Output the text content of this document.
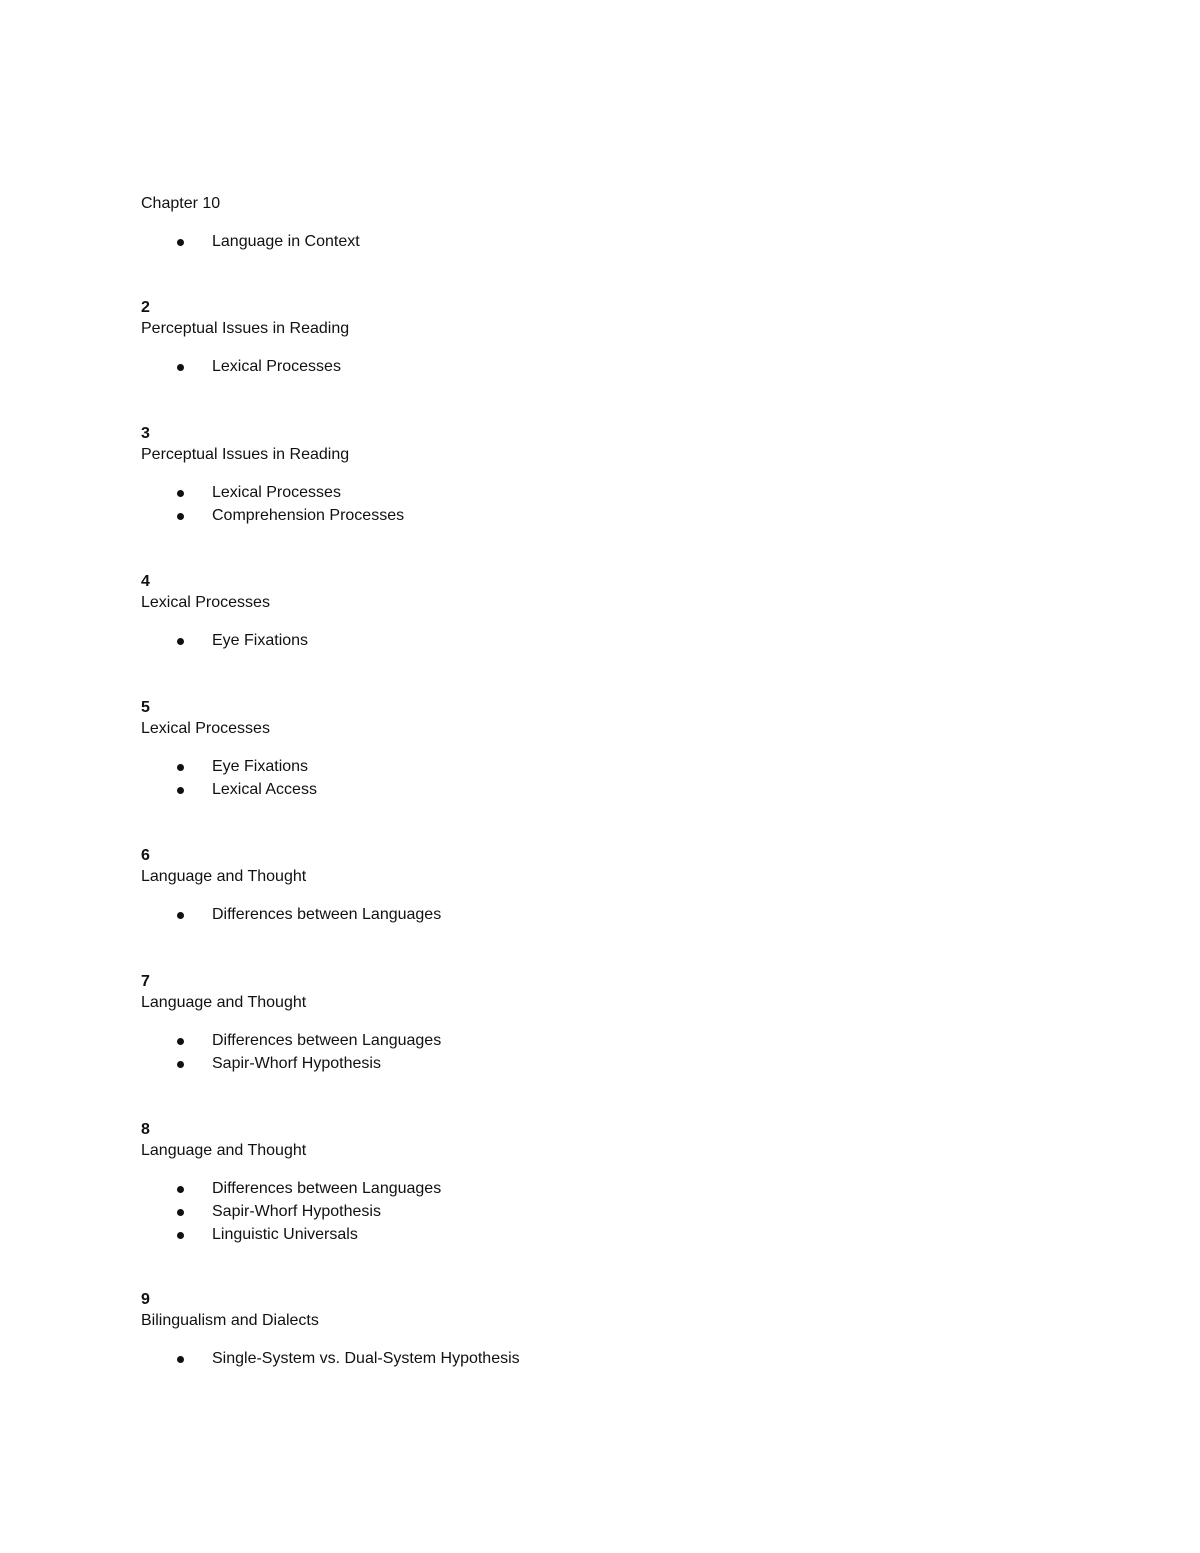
Chapter 10
Language in Context
2
Perceptual Issues in Reading
Lexical Processes
3
Perceptual Issues in Reading
Lexical Processes
Comprehension Processes
4
Lexical Processes
Eye Fixations
5
Lexical Processes
Eye Fixations
Lexical Access
6
Language and Thought
Differences between Languages
7
Language and Thought
Differences between Languages
Sapir-Whorf Hypothesis
8
Language and Thought
Differences between Languages
Sapir-Whorf Hypothesis
Linguistic Universals
9
Bilingualism and Dialects
Single-System vs. Dual-System Hypothesis
